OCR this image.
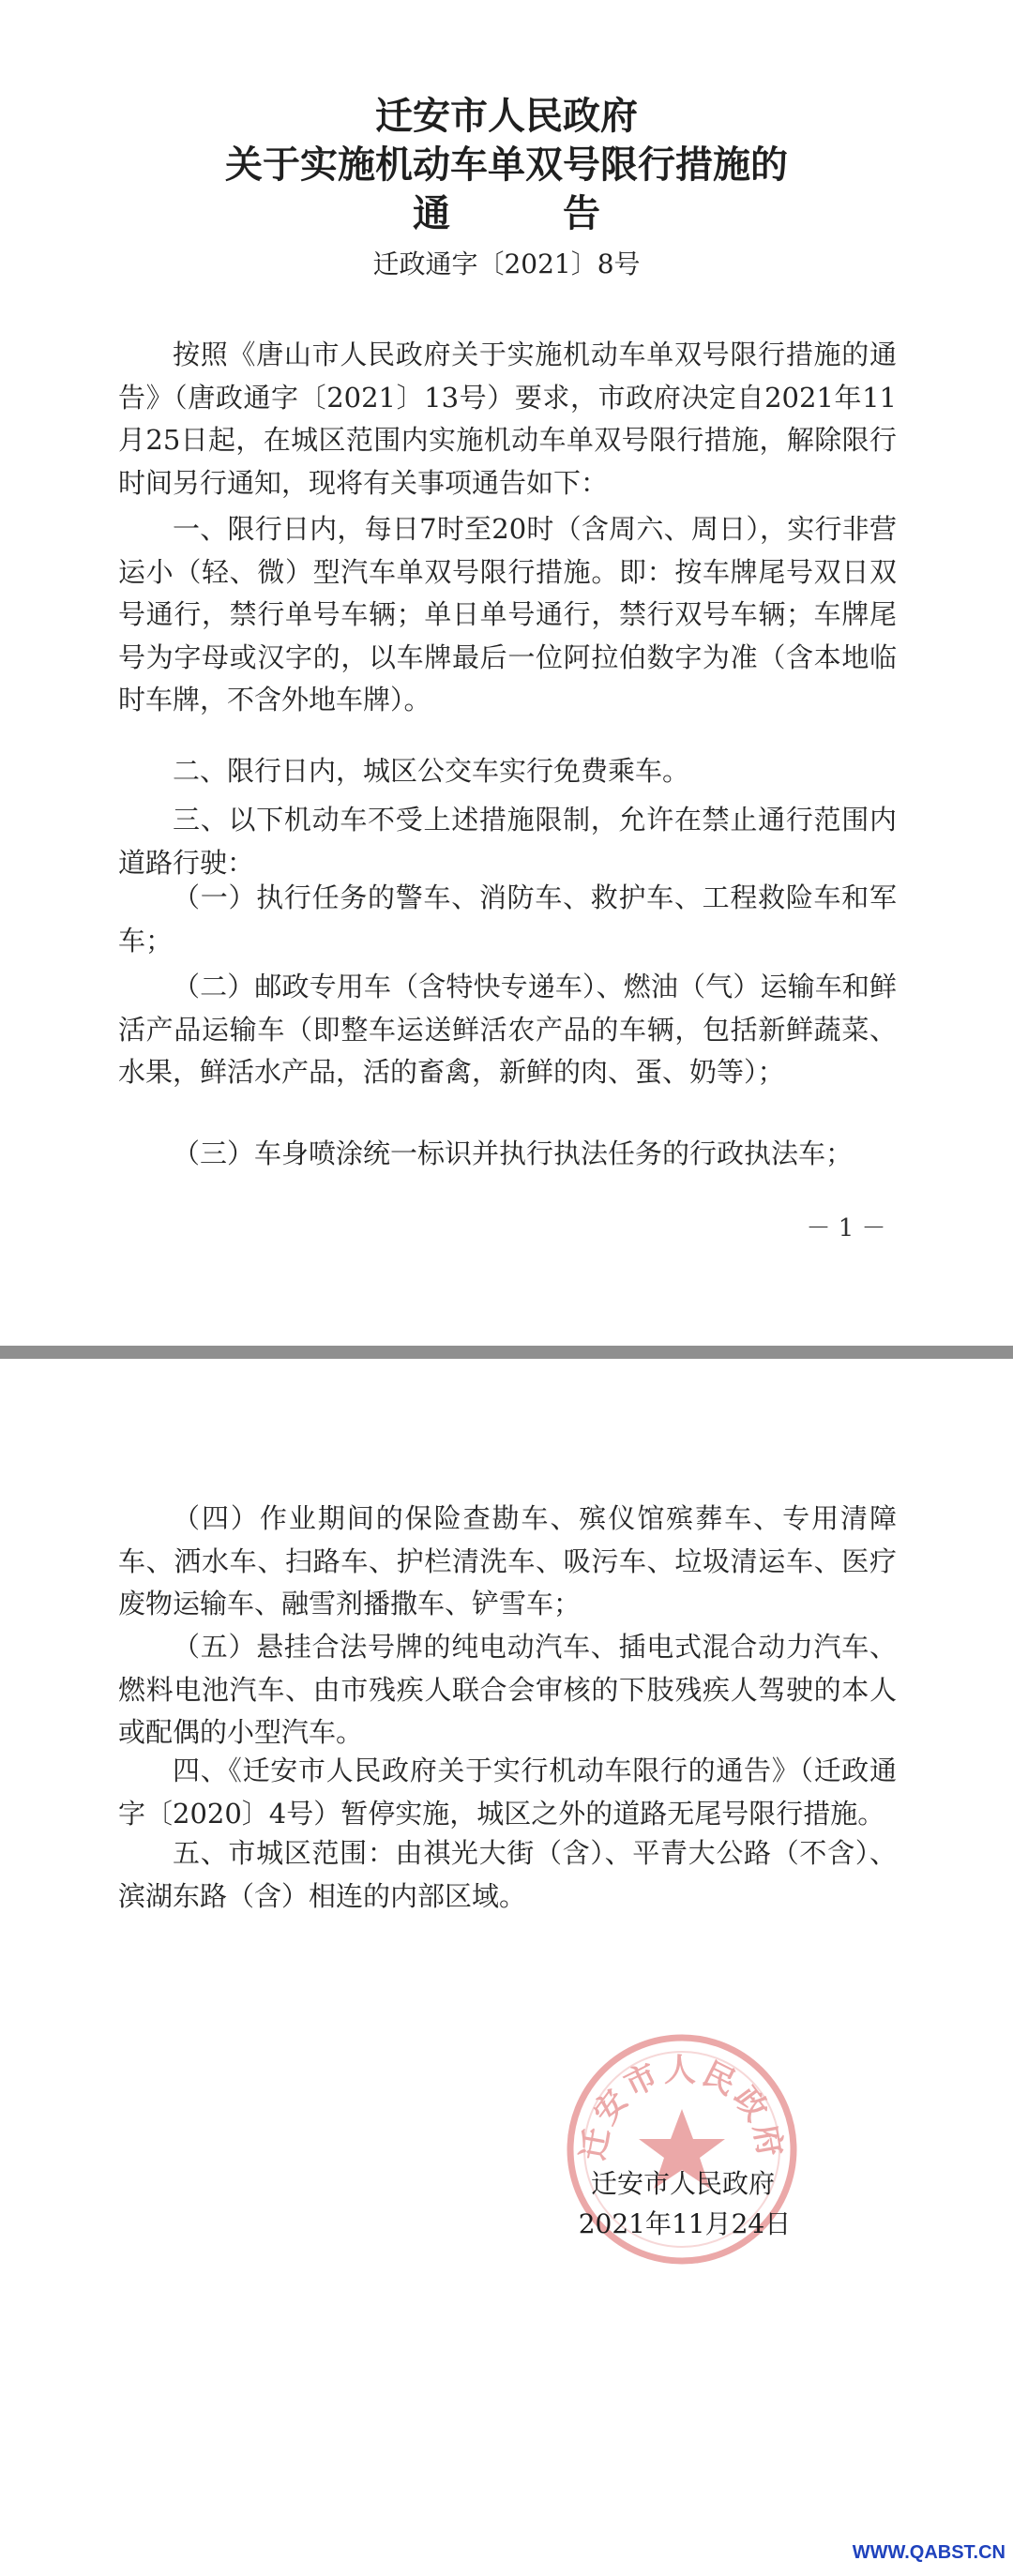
迁安市人民政府
关于实施机动车单双号限行措施的
通　　　告
迁政通字〔2021〕8号

按照《唐山市人民政府关于实施机动车单双号限行措施的通告》（唐政通字〔2021〕13号）要求，市政府决定自2021年11月25日起，在城区范围内实施机动车单双号限行措施，解除限行时间另行通知，现将有关事项通告如下：

一、限行日内，每日7时至20时（含周六、周日），实行非营运小（轻、微）型汽车单双号限行措施。即：按车牌尾号双日双号通行，禁行单号车辆；单日单号通行，禁行双号车辆；车牌尾号为字母或汉字的，以车牌最后一位阿拉伯数字为准（含本地临时车牌，不含外地车牌）。

二、限行日内，城区公交车实行免费乘车。

三、以下机动车不受上述措施限制，允许在禁止通行范围内道路行驶：

（一）执行任务的警车、消防车、救护车、工程救险车和军车；

（二）邮政专用车（含特快专递车）、燃油（气）运输车和鲜活产品运输车（即整车运送鲜活农产品的车辆，包括新鲜蔬菜、水果，鲜活水产品，活的畜禽，新鲜的肉、蛋、奶等）；

（三）车身喷涂统一标识并执行执法任务的行政执法车；

－ 1 －

（四）作业期间的保险查勘车、殡仪馆殡葬车、专用清障车、洒水车、扫路车、护栏清洗车、吸污车、垃圾清运车、医疗废物运输车、融雪剂播撒车、铲雪车；

（五）悬挂合法号牌的纯电动汽车、插电式混合动力汽车、燃料电池汽车、由市残疾人联合会审核的下肢残疾人驾驶的本人或配偶的小型汽车。

四、《迁安市人民政府关于实行机动车限行的通告》（迁政通字〔2020〕4号）暂停实施，城区之外的道路无尾号限行措施。

五、市城区范围：由祺光大街（含）、平青大公路（不含）、滨湖东路（含）相连的内部区域。

迁安市人民政府
迁安市人民政府
2021年11月24日
WWW.QABST.CN
